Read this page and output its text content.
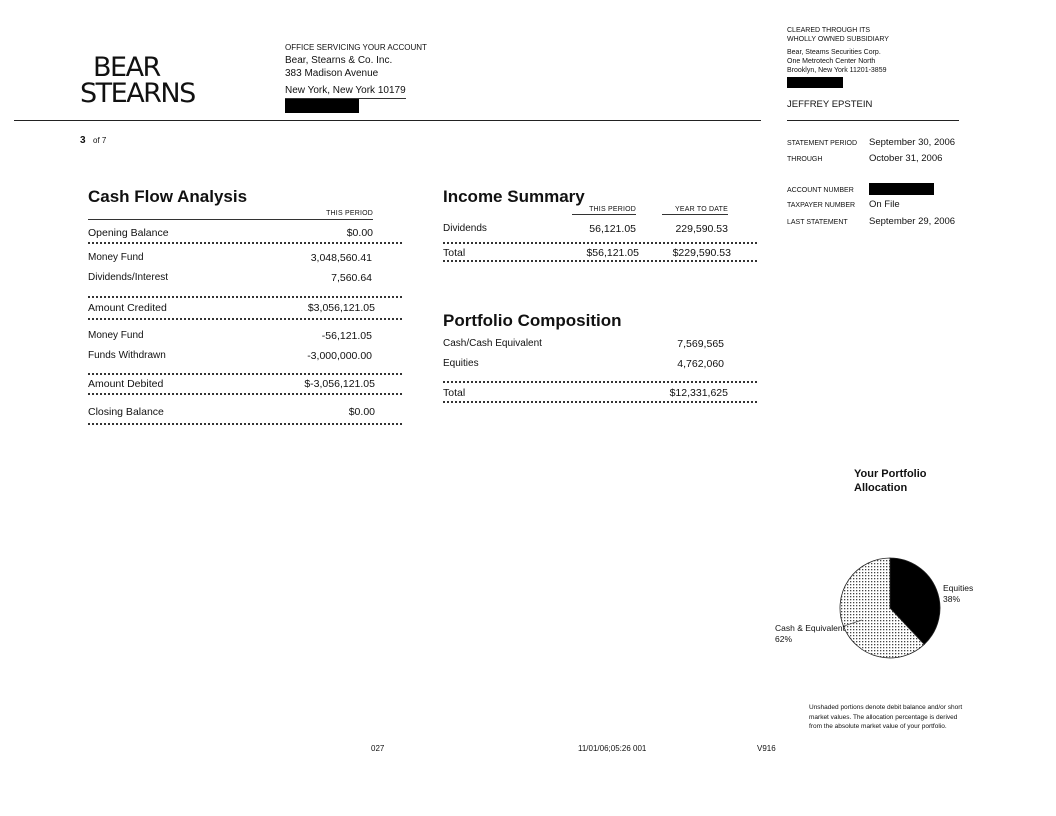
BEAR
STEARNS
OFFICE SERVICING YOUR ACCOUNT
Bear, Stearns & Co. Inc.
383 Madison Avenue
New York, New York 10179
CLEARED THROUGH ITS
WHOLLY OWNED SUBSIDIARY
Bear, Steams Securities Corp.
One Metrotech Center North
Brooklyn, New York 11201-3859
JEFFREY EPSTEIN
3 of 7	STATEMENT PERIOD September 30, 2006
THROUGH	October 31, 2006
ACCOUNT NUMBER
TAXPAYER NUMBER On File
LAST STATEMENT September 29, 2006
Cash Flow Analysis
THIS PERIOD
Opening Balance	$0.00
Money Fund	3,048,560.41
Dividends/Interest	7,560.64
Amount Credited	$3,056,121.05
Money Fund	-56,121.05
Funds Withdrawn	-3,000,000.00
Amount Debited	$-3,056,121.05
Closing Balance	$0.00
Income Summary
THIS PERIOD	YEAR TO DATE
Dividends	56,121.05	229,590.53
Total	$56,121.05	$229,590.53
Portfolio Composition
Cash/Cash Equivalent	7,569,565
Equities	4,762,060
Total	$12,331,625
Your Portfolio
Allocation
Equities
38%
Cash & Equivalent
62%
Unshaded portions denote debit balance and/or short
market values. The allocation percentage is derived
from the absolute market value of your portfolio.
027	11/01/06;05:26 001	V916
